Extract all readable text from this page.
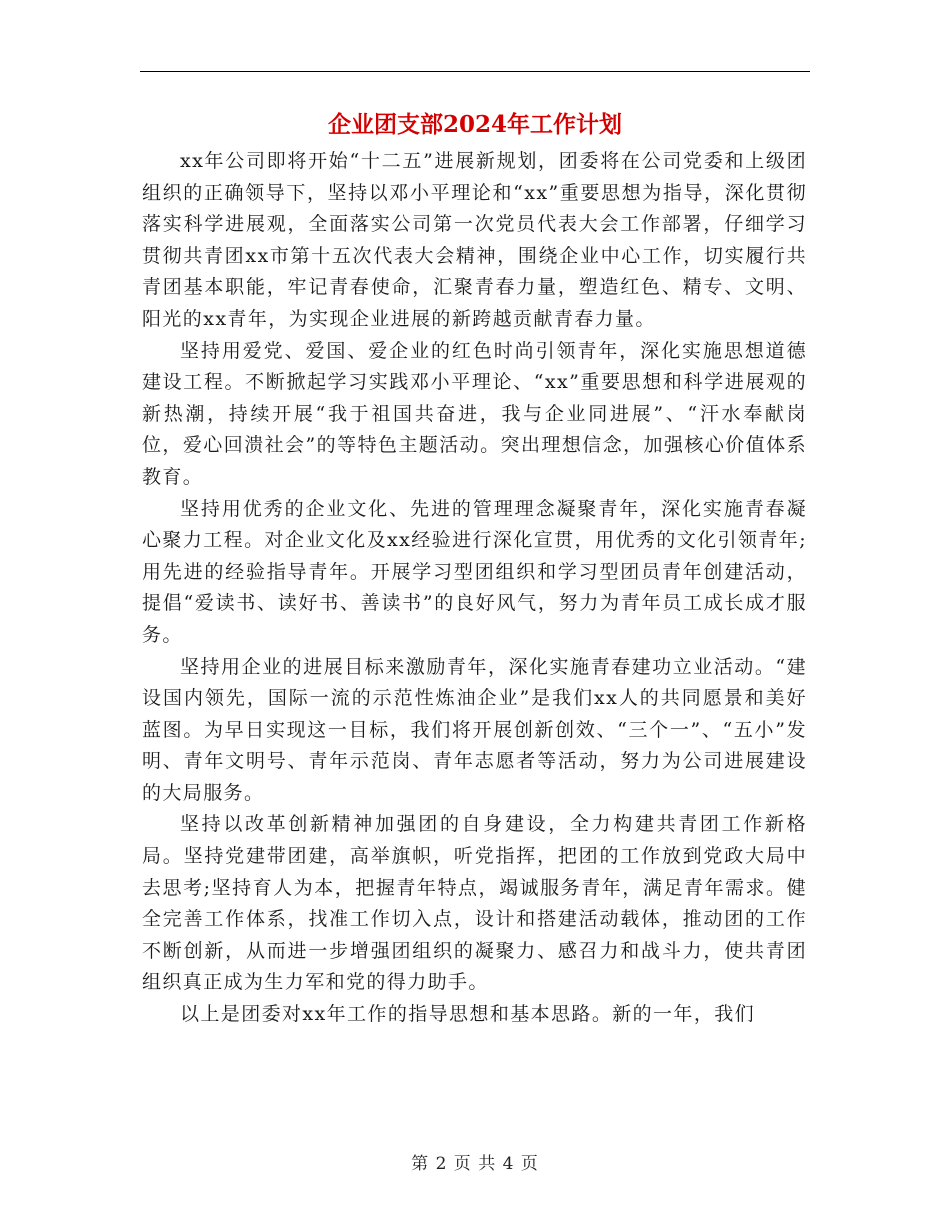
企业团支部2024年工作计划

xx年公司即将开始“十二五”进展新规划，团委将在公司党委和上级团组织的正确领导下，坚持以邓小平理论和“xx”重要思想为指导，深化贯彻落实科学进展观，全面落实公司第一次党员代表大会工作部署，仔细学习贯彻共青团xx市第十五次代表大会精神，围绕企业中心工作，切实履行共青团基本职能，牢记青春使命，汇聚青春力量，塑造红色、精专、文明、阳光的xx青年，为实现企业进展的新跨越贡献青春力量。

坚持用爱党、爱国、爱企业的红色时尚引领青年，深化实施思想道德建设工程。不断掀起学习实践邓小平理论、“xx”重要思想和科学进展观的新热潮，持续开展“我于祖国共奋进，我与企业同进展”、“汗水奉献岗位，爱心回溃社会”的等特色主题活动。突出理想信念，加强核心价值体系教育。

坚持用优秀的企业文化、先进的管理理念凝聚青年，深化实施青春凝心聚力工程。对企业文化及xx经验进行深化宣贯，用优秀的文化引领青年;用先进的经验指导青年。开展学习型团组织和学习型团员青年创建活动，提倡“爱读书、读好书、善读书”的良好风气，努力为青年员工成长成才服务。

坚持用企业的进展目标来激励青年，深化实施青春建功立业活动。“建设国内领先，国际一流的示范性炼油企业”是我们xx人的共同愿景和美好蓝图。为早日实现这一目标，我们将开展创新创效、“三个一”、“五小”发明、青年文明号、青年示范岗、青年志愿者等活动，努力为公司进展建设的大局服务。

坚持以改革创新精神加强团的自身建设，全力构建共青团工作新格局。坚持党建带团建，高举旗帜，听党指挥，把团的工作放到党政大局中去思考;坚持育人为本，把握青年特点，竭诚服务青年，满足青年需求。健全完善工作体系，找准工作切入点，设计和搭建活动载体，推动团的工作不断创新，从而进一步增强团组织的凝聚力、感召力和战斗力，使共青团组织真正成为生力军和党的得力助手。

以上是团委对xx年工作的指导思想和基本思路。新的一年，我们

第 2 页 共 4 页
